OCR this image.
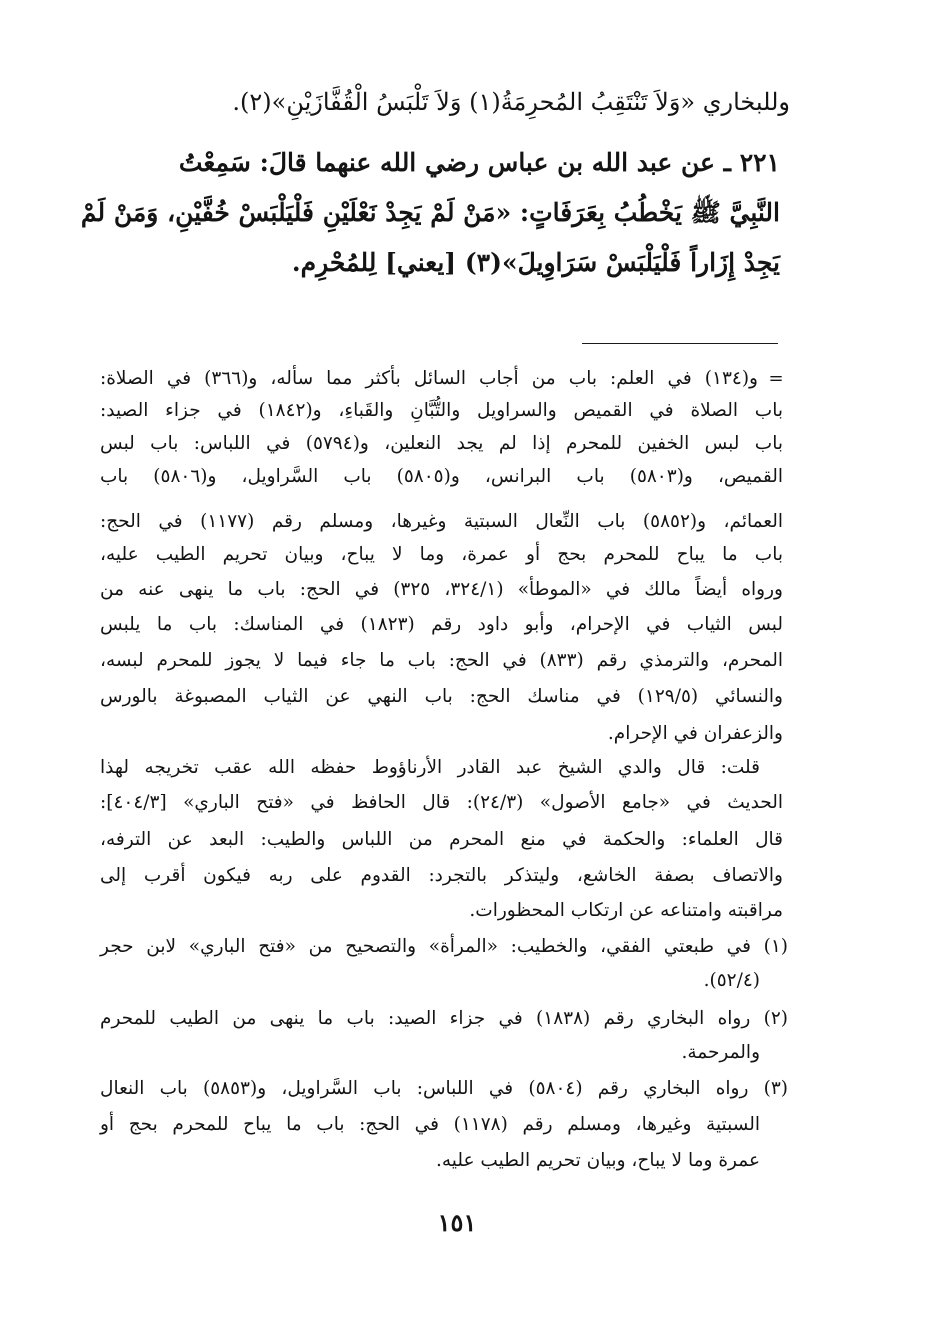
وللبخاري «وَلاَ تَنْتَقِبُ المُحرِمَةُ(١) وَلاَ تَلْبَسُ الْقُفَّازَيْنِ»(٢).
٢٢١ ـ عن عبد الله بن عباس رضي الله عنهما قالَ: سَمِعْتُ
النَّبِيَّ ﷺ يَخْطُبُ بِعَرَفَاتٍ: «مَنْ لَمْ يَجِدْ نَعْلَيْنِ فَلْيَلْبَسْ خُفَّيْنِ، وَمَنْ لَمْ
يَجِدْ إِزَاراً فَلْيَلْبَسْ سَرَاوِيلَ»(٣) [يعني] لِلمُحْرِم.
=
و(١٣٤) في العلم: باب من أجاب السائل بأكثر مما سأله، و(٣٦٦) في الصلاة:
باب الصلاة في القميص والسراويل والتُّبَّانِ والقَباءِ، و(١٨٤٢) في جزاء الصيد:
باب لبس الخفين للمحرم إذا لم يجد النعلين، و(٥٧٩٤) في اللباس: باب لبس
القميص، و(٥٨٠٣) باب البرانس، و(٥٨٠٥) باب السَّراويل، و(٥٨٠٦) باب
العمائم، و(٥٨٥٢) باب النِّعال السبتية وغيرها، ومسلم رقم (١١٧٧) في الحج:
باب ما يباح للمحرم بحج أو عمرة، وما لا يباح، وبيان تحريم الطيب عليه،
ورواه أيضاً مالك في «الموطأ» (٣٢٤/١، ٣٢٥) في الحج: باب ما ينهى عنه من
لبس الثياب في الإحرام، وأبو داود رقم (١٨٢٣) في المناسك: باب ما يلبس
المحرم، والترمذي رقم (٨٣٣) في الحج: باب ما جاء فيما لا يجوز للمحرم لبسه،
والنسائي (١٢٩/٥) في مناسك الحج: باب النهي عن الثياب المصبوغة بالورس
والزعفران في الإحرام.
قلت: قال والدي الشيخ عبد القادر الأرناؤوط حفظه الله عقب تخريجه لهذا
الحديث في «جامع الأصول» (٢٤/٣): قال الحافظ في «فتح الباري» [٤٠٤/٣]:
قال العلماء: والحكمة في منع المحرم من اللباس والطيب: البعد عن الترفه،
والاتصاف بصفة الخاشع، وليتذكر بالتجرد: القدوم على ربه فيكون أقرب إلى
مراقبته وامتناعه عن ارتكاب المحظورات.
(١) في طبعتي الفقي، والخطيب: «المرأة» والتصحيح من «فتح الباري» لابن حجر
(٥٢/٤).
(٢) رواه البخاري رقم (١٨٣٨) في جزاء الصيد: باب ما ينهى من الطيب للمحرم
والمرحمة.
(٣) رواه البخاري رقم (٥٨٠٤) في اللباس: باب السَّراويل، و(٥٨٥٣) باب النعال
السبتية وغيرها، ومسلم رقم (١١٧٨) في الحج: باب ما يباح للمحرم بحج أو
عمرة وما لا يباح، وبيان تحريم الطيب عليه.
١٥١
